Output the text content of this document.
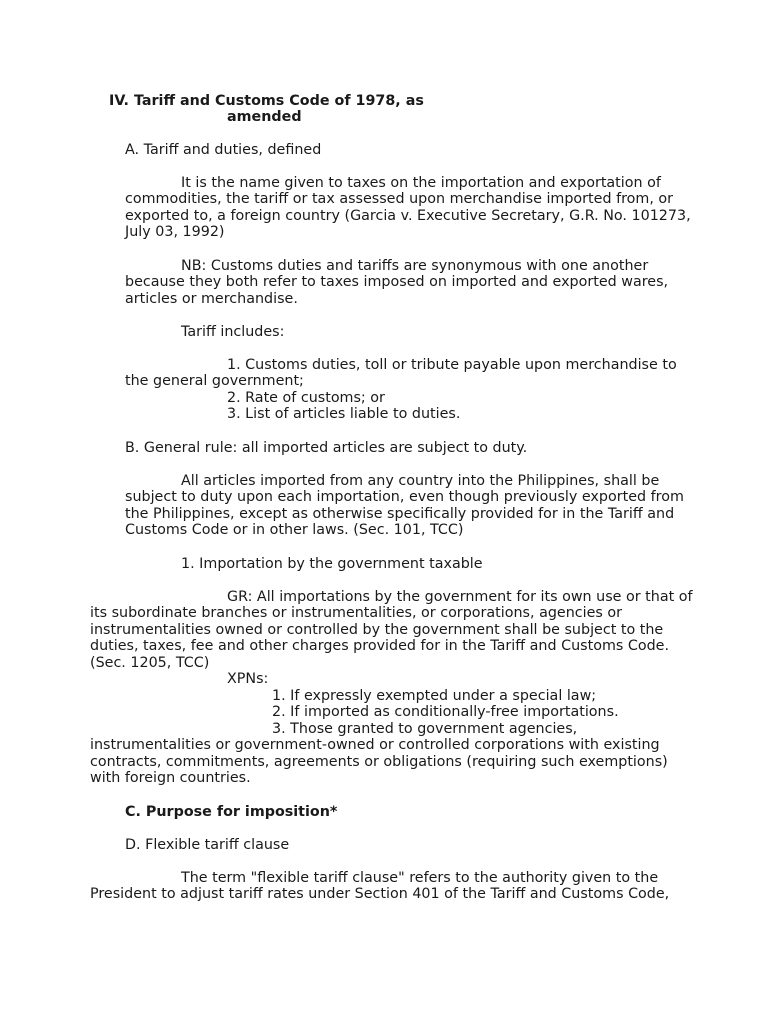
IV. Tariff and Customs Code of 1978, as

amended

A. Tariff and duties, defined

It is the name given to taxes on the importation and exportation of

commodities, the tariff or tax assessed upon merchandise imported from, or

exported to, a foreign country (Garcia v. Executive Secretary, G.R. No. 101273,

July 03, 1992)

NB: Customs duties and tariffs are synonymous with one another

because they both refer to taxes imposed on imported and exported wares,

articles or merchandise.

Tariff includes:

1. Customs duties, toll or tribute payable upon merchandise to

the general government;

2. Rate of customs; or

3. List of articles liable to duties.

B. General rule: all imported articles are subject to duty.

All articles imported from any country into the Philippines, shall be

subject to duty upon each importation, even though previously exported from

the Philippines, except as otherwise specifically provided for in the Tariff and

Customs Code or in other laws. (Sec. 101, TCC)

1. Importation by the government taxable

GR: All importations by the government for its own use or that of

its subordinate branches or instrumentalities, or corporations, agencies or

instrumentalities owned or controlled by the government shall be subject to the

duties, taxes, fee and other charges provided for in the Tariff and Customs Code.

(Sec. 1205, TCC)

XPNs:

1. If expressly exempted under a special law;

2. If imported as conditionally-free importations.

3. Those granted to government agencies,

instrumentalities or government-owned or controlled corporations with existing

contracts, commitments, agreements or obligations (requiring such exemptions)

with foreign countries.

C. Purpose for imposition*

D. Flexible tariff clause

The term "flexible tariff clause" refers to the authority given to the

President to adjust tariff rates under Section 401 of the Tariff and Customs Code,
